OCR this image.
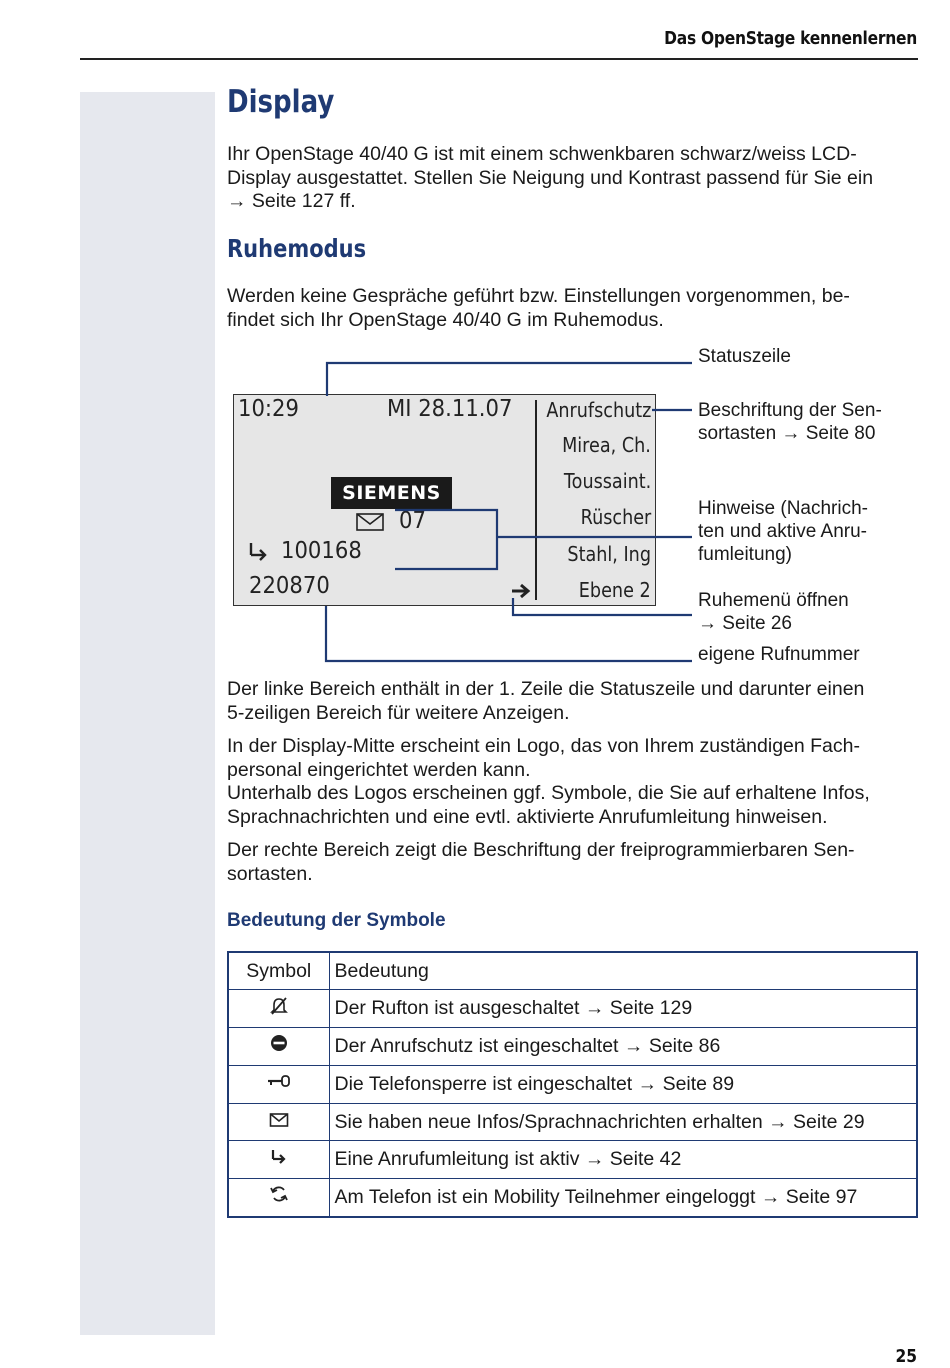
Das OpenStage kennenlernen
Display
Ihr OpenStage 40/40 G ist mit einem schwenkbaren schwarz/weiss LCD-
Display ausgestattet. Stellen Sie Neigung und Kontrast passend für Sie ein
→ Seite 127 ff.
Ruhemodus
Werden keine Gespräche geführt bzw. Einstellungen vorgenommen, be-
findet sich Ihr OpenStage 40/40 G im Ruhemodus.
10:29	MI 28.11.07
SIEMENS
07
100168
220870
Anrufschutz
Mirea, Ch.
Toussaint.
Rüscher
Stahl, Ing
Ebene 2
Statuszeile
Beschriftung der Sen-
sortasten → Seite 80
Hinweise (Nachrich-
ten und aktive Anru-
fumleitung)
Ruhemenü öffnen
→ Seite 26
eigene Rufnummer
Der linke Bereich enthält in der 1. Zeile die Statuszeile und darunter einen
5-zeiligen Bereich für weitere Anzeigen.
In der Display-Mitte erscheint ein Logo, das von Ihrem zuständigen Fach-
personal eingerichtet werden kann.
Unterhalb des Logos erscheinen ggf. Symbole, die Sie auf erhaltene Infos,
Sprachnachrichten und eine evtl. aktivierte Anrufumleitung hinweisen.
Der rechte Bereich zeigt die Beschriftung der freiprogrammierbaren Sen-
sortasten.
Bedeutung der Symbole
Symbol	Bedeutung
	Der Rufton ist ausgeschaltet → Seite 129
	Der Anrufschutz ist eingeschaltet → Seite 86
	Die Telefonsperre ist eingeschaltet → Seite 89
	Sie haben neue Infos/Sprachnachrichten erhalten → Seite 29
	Eine Anrufumleitung ist aktiv → Seite 42
	Am Telefon ist ein Mobility Teilnehmer eingeloggt → Seite 97
25
